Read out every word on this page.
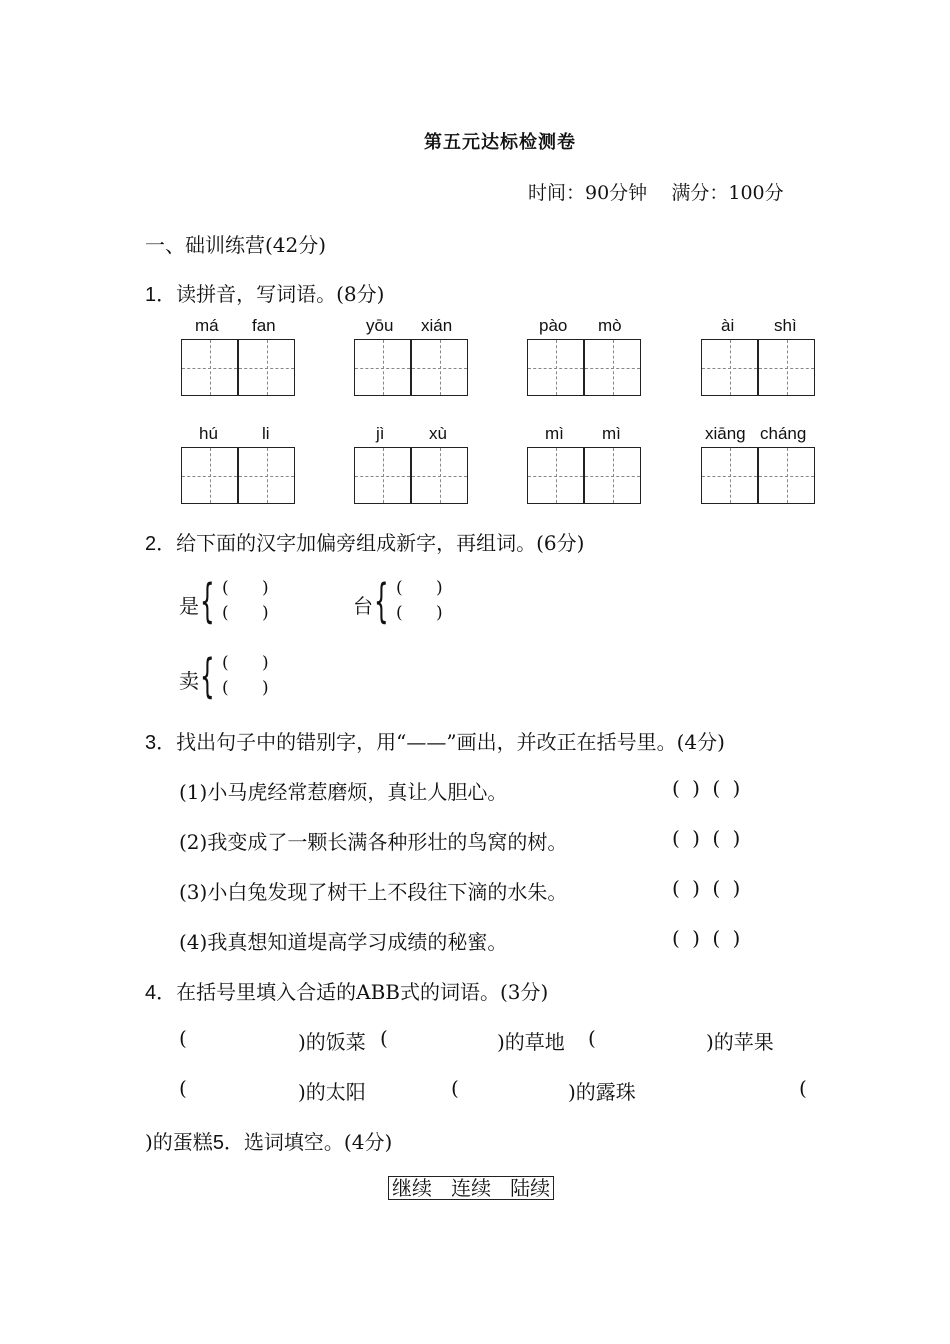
第五元达标检测卷
时间：90分钟 满分：100分
一、础训练营(42分)
1．读拼音，写词语。(8分)
má fan	yōu xián	pào mò	ài shì
hú	li	jì	xù	mì mì	xiāng cháng
2．给下面的汉字加偏旁组成新字，再组词。(6分)
是 { ( )
( )	台 { ( )
( )
卖 { ( )
( )
3．找出句子中的错别字，用“——”画出，并改正在括号里。(4分)
(1)小马虎经常惹磨烦，真让人胆心。	( ) ( )
(2)我变成了一颗长满各种形壮的鸟窝的树。	( ) ( )
(3)小白兔发现了树干上不段往下滴的水朱。	( ) ( )
(4)我真想知道堤高学习成绩的秘蜜。	( ) ( )
4．在括号里填入合适的ABB式的词语。(3分)
(	)的饭菜 (	)的草地 (	)的苹果
(	)的太阳	(	)的露珠	(
)的蛋糕5．选词填空。(4分)
继续 连续 陆续
